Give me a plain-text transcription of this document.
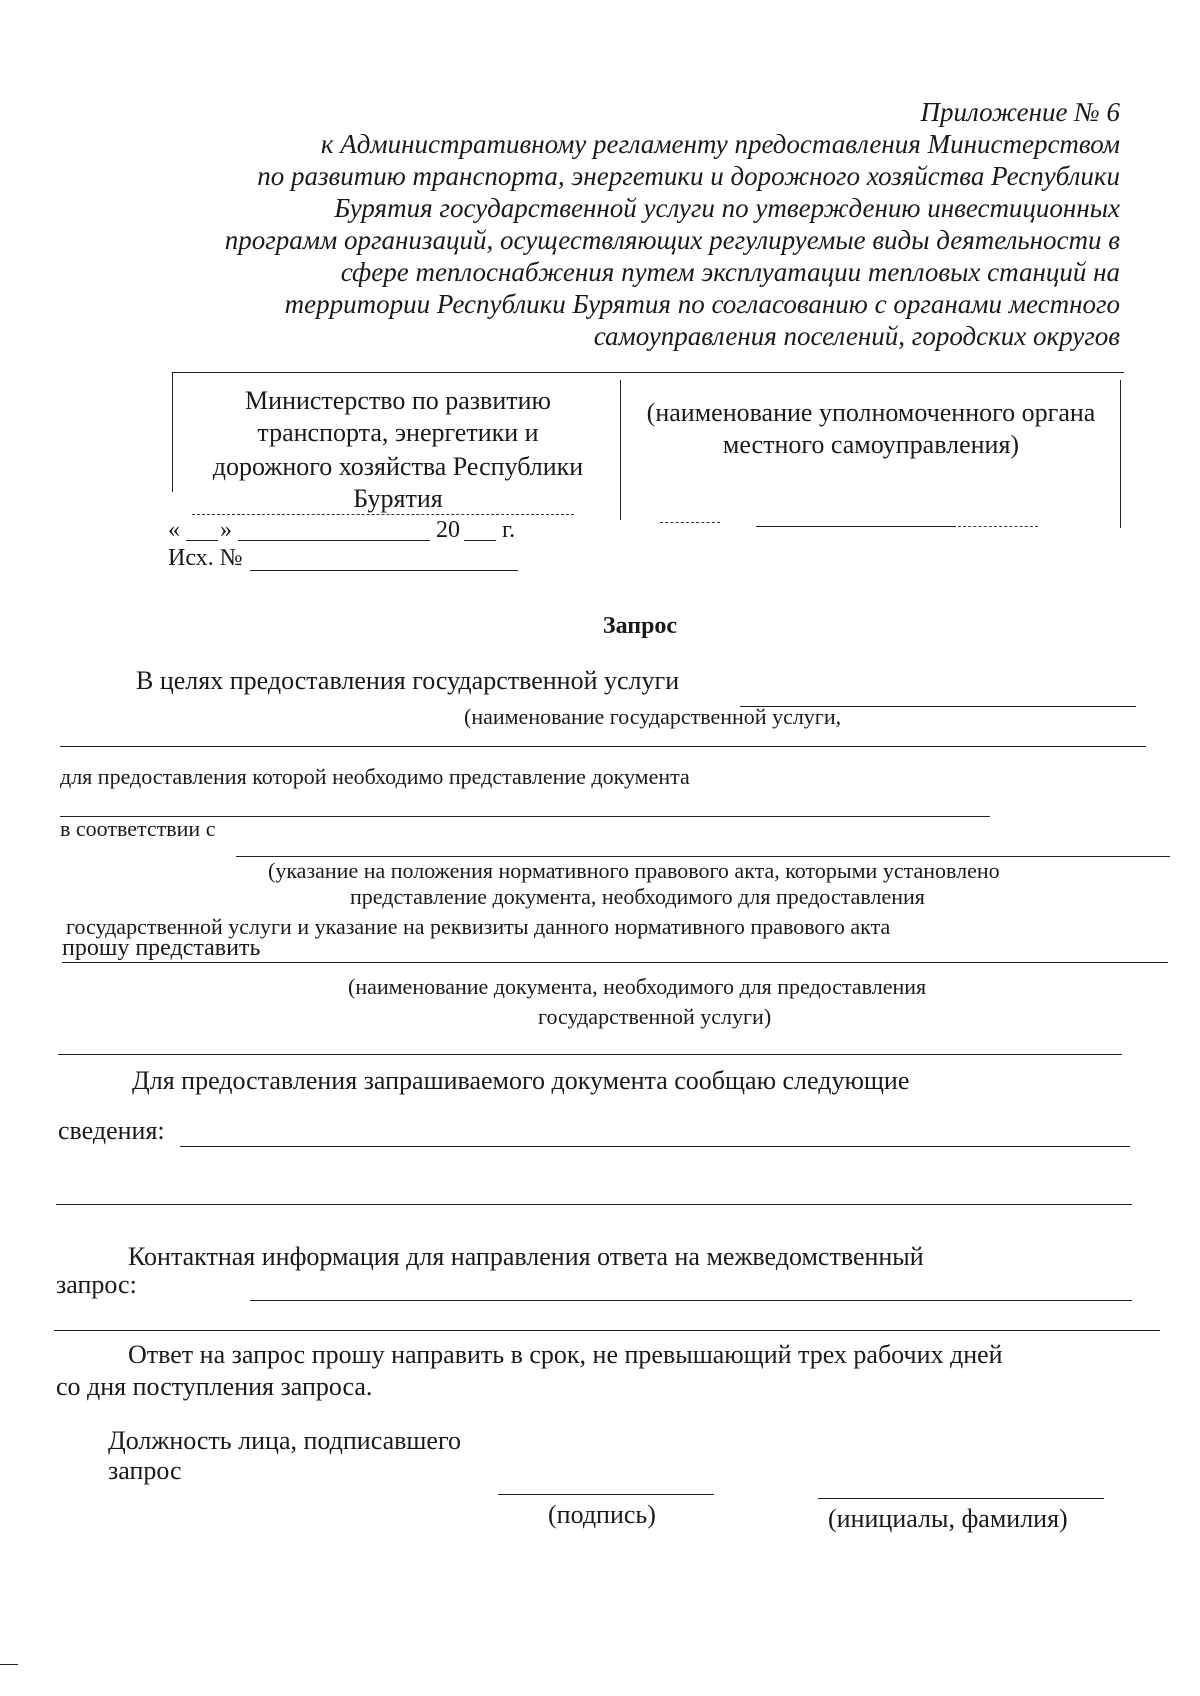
Приложение № 6
к Административному регламенту предоставления Министерством
по развитию транспорта, энергетики и дорожного хозяйства Республики
Бурятия государственной услуги по утверждению инвестиционных
программ организаций, осуществляющих регулируемые виды деятельности в
сфере теплоснабжения путем эксплуатации тепловых станций на
территории Республики Бурятия по согласованию с органами местного
самоуправления поселений, городских округов
Министерство по развитию
транспорта, энергетики и
дорожного хозяйства Республики
Бурятия
(наименование уполномоченного органа
местного самоуправления)
« »	20 г.
Исх. №
Запрос
В целях предоставления государственной услуги
(наименование государственной услуги,
для предоставления которой необходимо представление документа
в соответствии с
(указание на положения нормативного правового акта, которыми установлено
представление документа, необходимого для предоставления
государственной услуги и указание на реквизиты данного нормативного правового акта
прошу представить
(наименование документа, необходимого для предоставления
государственной услуги)
Для предоставления запрашиваемого документа сообщаю следующие
сведения:
Контактная информация для направления ответа на межведомственный
запрос:
Ответ на запрос прошу направить в срок, не превышающий трех рабочих дней
со дня поступления запроса.
Должность лица, подписавшего
запрос
(подпись)	(инициалы, фамилия)
